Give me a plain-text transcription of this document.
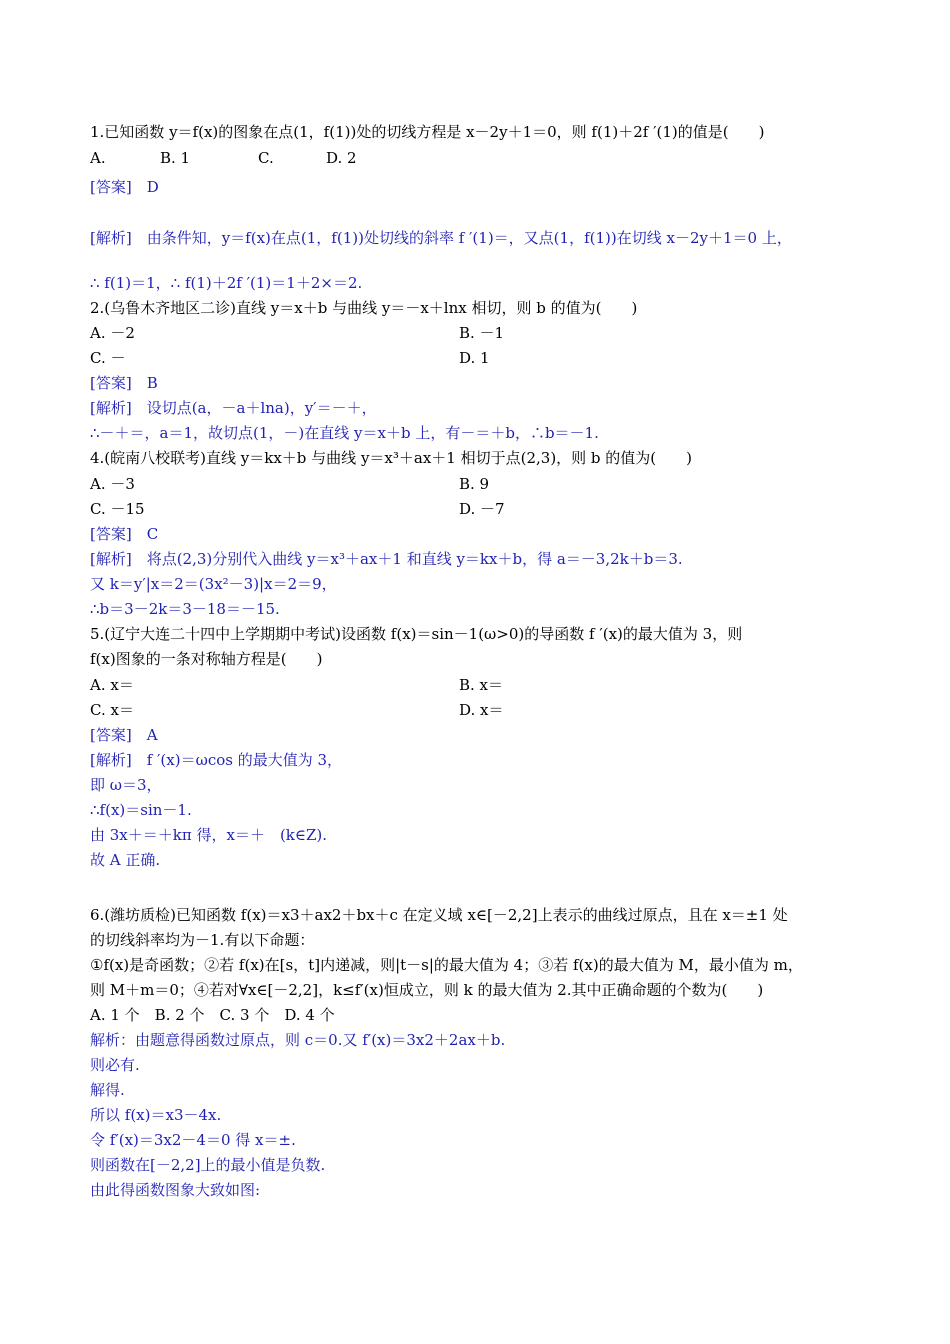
1.已知函数 y＝f(x)的图象在点(1，f(1))处的切线方程是 x－2y＋1＝0，则 f(1)＋2f ′(1)的值是(　　)
A.	B. 1	C.	D. 2
[答案]　D
[解析]　由条件知，y＝f(x)在点(1，f(1))处切线的斜率 f ′(1)＝，又点(1，f(1))在切线 x－2y＋1＝0 上，
∴ f(1)＝1，∴ f(1)＋2f ′(1)＝1＋2×＝2.
2.(乌鲁木齐地区二诊)直线 y＝x＋b 与曲线 y＝－x＋lnx 相切，则 b 的值为(　　)
A. －2	B. －1
C. －	D. 1
[答案]　B
[解析]　设切点(a，－a＋lna)，y′＝－＋，
∴－＋＝，a＝1，故切点(1，－)在直线 y＝x＋b 上，有－＝＋b，∴b＝－1.
4.(皖南八校联考)直线 y＝kx＋b 与曲线 y＝x³＋ax＋1 相切于点(2,3)，则 b 的值为(　　)
A. －3	B. 9
C. －15	D. －7
[答案]　C
[解析]　将点(2,3)分别代入曲线 y＝x³＋ax＋1 和直线 y＝kx＋b，得 a＝－3,2k＋b＝3.
又 k＝y′|x＝2＝(3x²－3)|x＝2＝9，
∴b＝3－2k＝3－18＝－15.
5.(辽宁大连二十四中上学期期中考试)设函数 f(x)＝sin－1(ω>0)的导函数 f ′(x)的最大值为 3，则
f(x)图象的一条对称轴方程是(　　)
A. x＝	B. x＝
C. x＝	D. x＝
[答案]　A
[解析]　f ′(x)＝ωcos 的最大值为 3，
即 ω＝3，
∴f(x)＝sin－1.
由 3x＋＝＋kπ 得，x＝＋　(k∈Z).
故 A 正确.
6.(潍坊质检)已知函数 f(x)＝x3＋ax2＋bx＋c 在定义域 x∈[－2,2]上表示的曲线过原点，且在 x＝±1 处
的切线斜率均为－1.有以下命题：
①f(x)是奇函数；②若 f(x)在[s，t]内递减，则|t－s|的最大值为 4；③若 f(x)的最大值为 M，最小值为 m，
则 M＋m＝0；④若对∀x∈[－2,2]，k≤f′(x)恒成立，则 k 的最大值为 2.其中正确命题的个数为(　　)
A. 1 个　B. 2 个　C. 3 个　D. 4 个
解析：由题意得函数过原点，则 c＝0.又 f′(x)＝3x2＋2ax＋b.
则必有.
解得.
所以 f(x)＝x3－4x.
令 f′(x)＝3x2－4＝0 得 x＝±.
则函数在[－2,2]上的最小值是负数.
由此得函数图象大致如图:
